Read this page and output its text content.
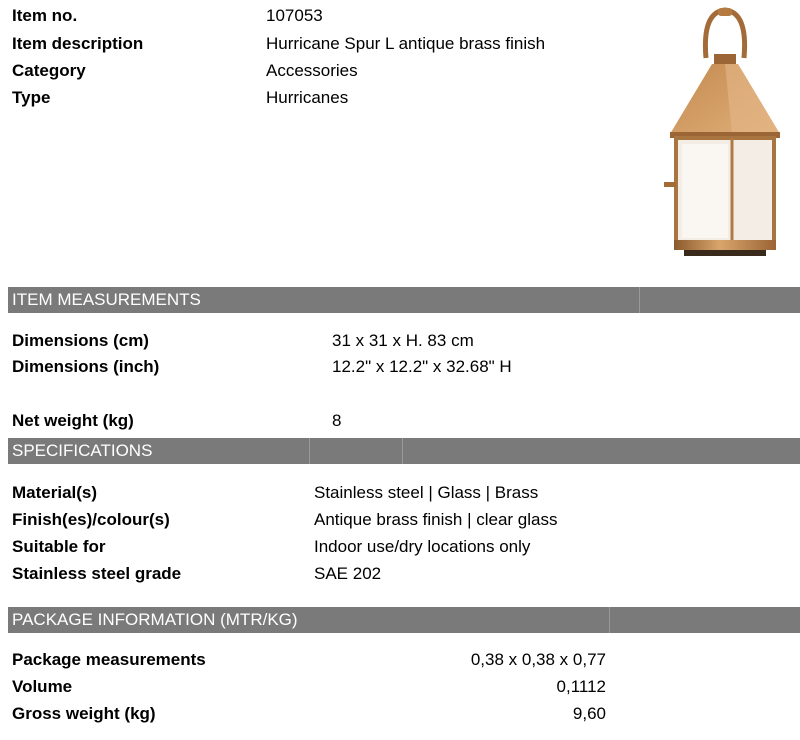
Item no.	107053
Item description	Hurricane Spur L antique brass finish
Category	Accessories
Type	Hurricanes
ITEM MEASUREMENTS
Dimensions (cm)	31 x 31 x H. 83 cm
Dimensions (inch)	12.2" x 12.2" x 32.68" H
Net weight (kg)	8
SPECIFICATIONS
Material(s)	Stainless steel | Glass | Brass
Finish(es)/colour(s)	Antique brass finish | clear glass
Suitable for	Indoor use/dry locations only
Stainless steel grade	SAE 202
PACKAGE INFORMATION (MTR/KG)
Package measurements	0,38 x 0,38 x 0,77
Volume	0,1112
Gross weight (kg)	9,60
